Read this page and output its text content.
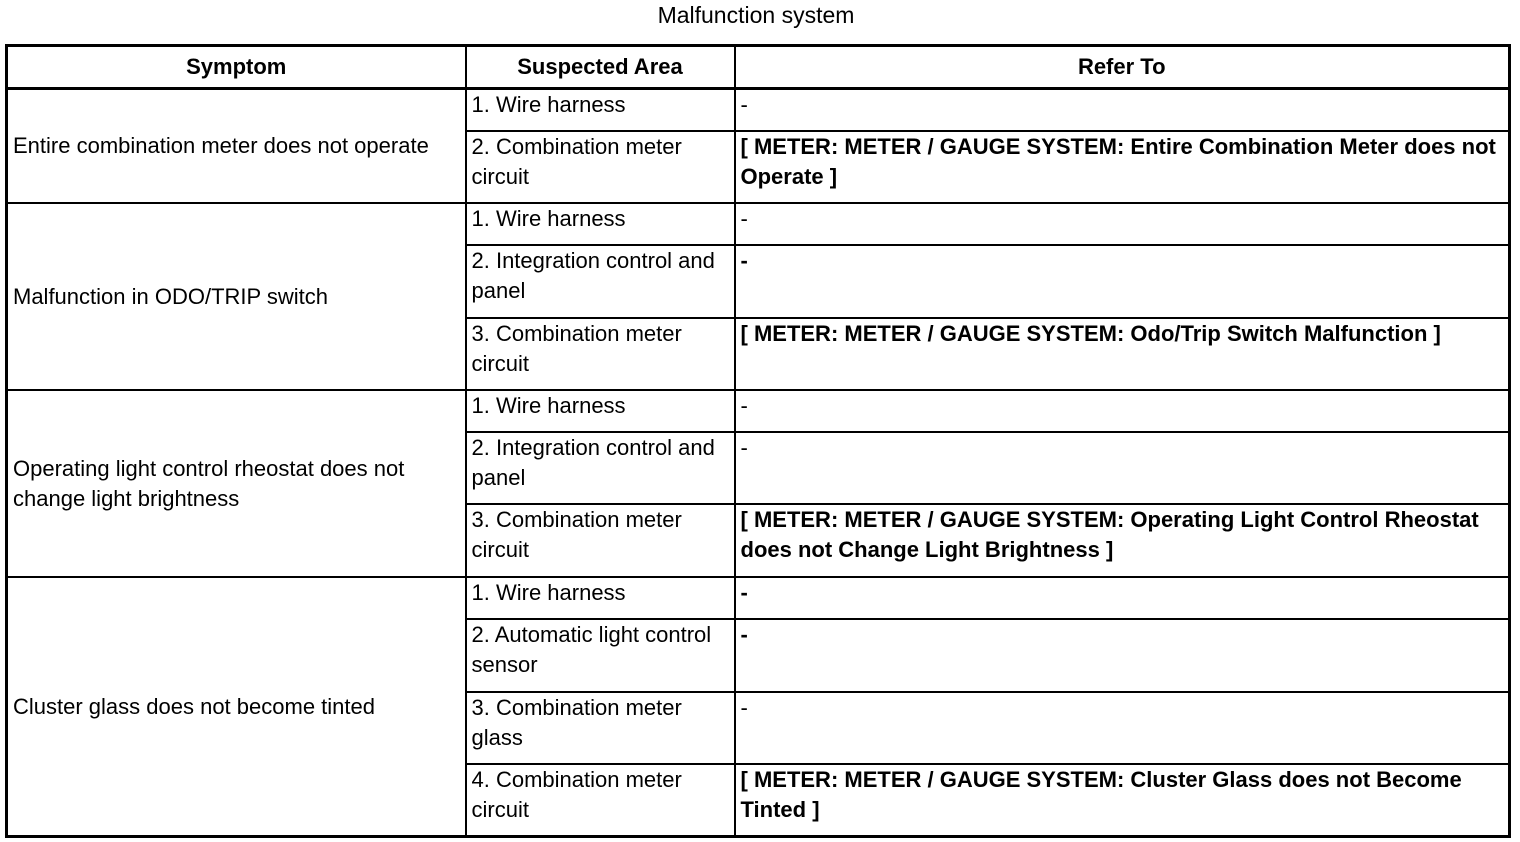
Malfunction system
Symptom	Suspected Area	Refer To
Entire combination meter does not operate	1. Wire harness	-
	2. Combination meter circuit	[ METER: METER / GAUGE SYSTEM: Entire Combination Meter does not Operate ]
Malfunction in ODO/TRIP switch	1. Wire harness	-
	2. Integration control and panel	-
	3. Combination meter circuit	[ METER: METER / GAUGE SYSTEM: Odo/Trip Switch Malfunction ]
Operating light control rheostat does not change light brightness	1. Wire harness	-
	2. Integration control and panel	-
	3. Combination meter circuit	[ METER: METER / GAUGE SYSTEM: Operating Light Control Rheostat does not Change Light Brightness ]
Cluster glass does not become tinted	1. Wire harness	-
	2. Automatic light control sensor	-
	3. Combination meter glass	-
	4. Combination meter circuit	[ METER: METER / GAUGE SYSTEM: Cluster Glass does not Become Tinted ]
